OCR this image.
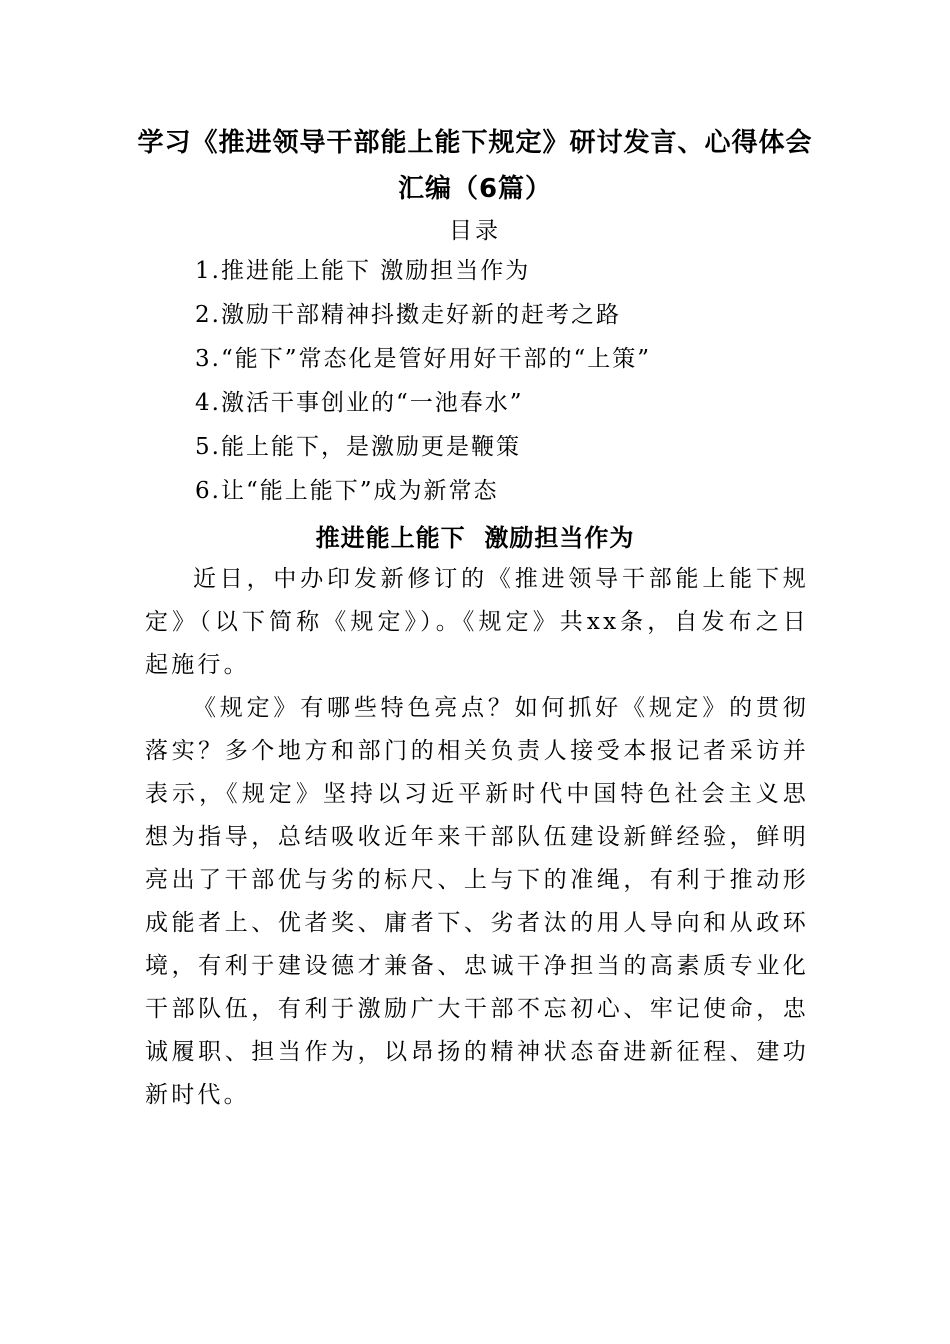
学习《推进领导干部能上能下规定》研讨发言、心得体会
汇编（6篇）
目录
1.推进能上能下 激励担当作为
2.激励干部精神抖擞走好新的赶考之路
3.“能下”常态化是管好用好干部的“上策”
4.激活干事创业的“一池春水”
5.能上能下，是激励更是鞭策
6.让“能上能下”成为新常态
推进能上能下  激励担当作为

近日，中办印发新修订的《推进领导干部能上能下规定》（以下简称《规定》）。《规定》共xx条，自发布之日起施行。

《规定》有哪些特色亮点？如何抓好《规定》的贯彻落实？多个地方和部门的相关负责人接受本报记者采访并表示，《规定》坚持以习近平新时代中国特色社会主义思想为指导，总结吸收近年来干部队伍建设新鲜经验，鲜明亮出了干部优与劣的标尺、上与下的准绳，有利于推动形成能者上、优者奖、庸者下、劣者汰的用人导向和从政环境，有利于建设德才兼备、忠诚干净担当的高素质专业化干部队伍，有利于激励广大干部不忘初心、牢记使命，忠诚履职、担当作为，以昂扬的精神状态奋进新征程、建功新时代。
